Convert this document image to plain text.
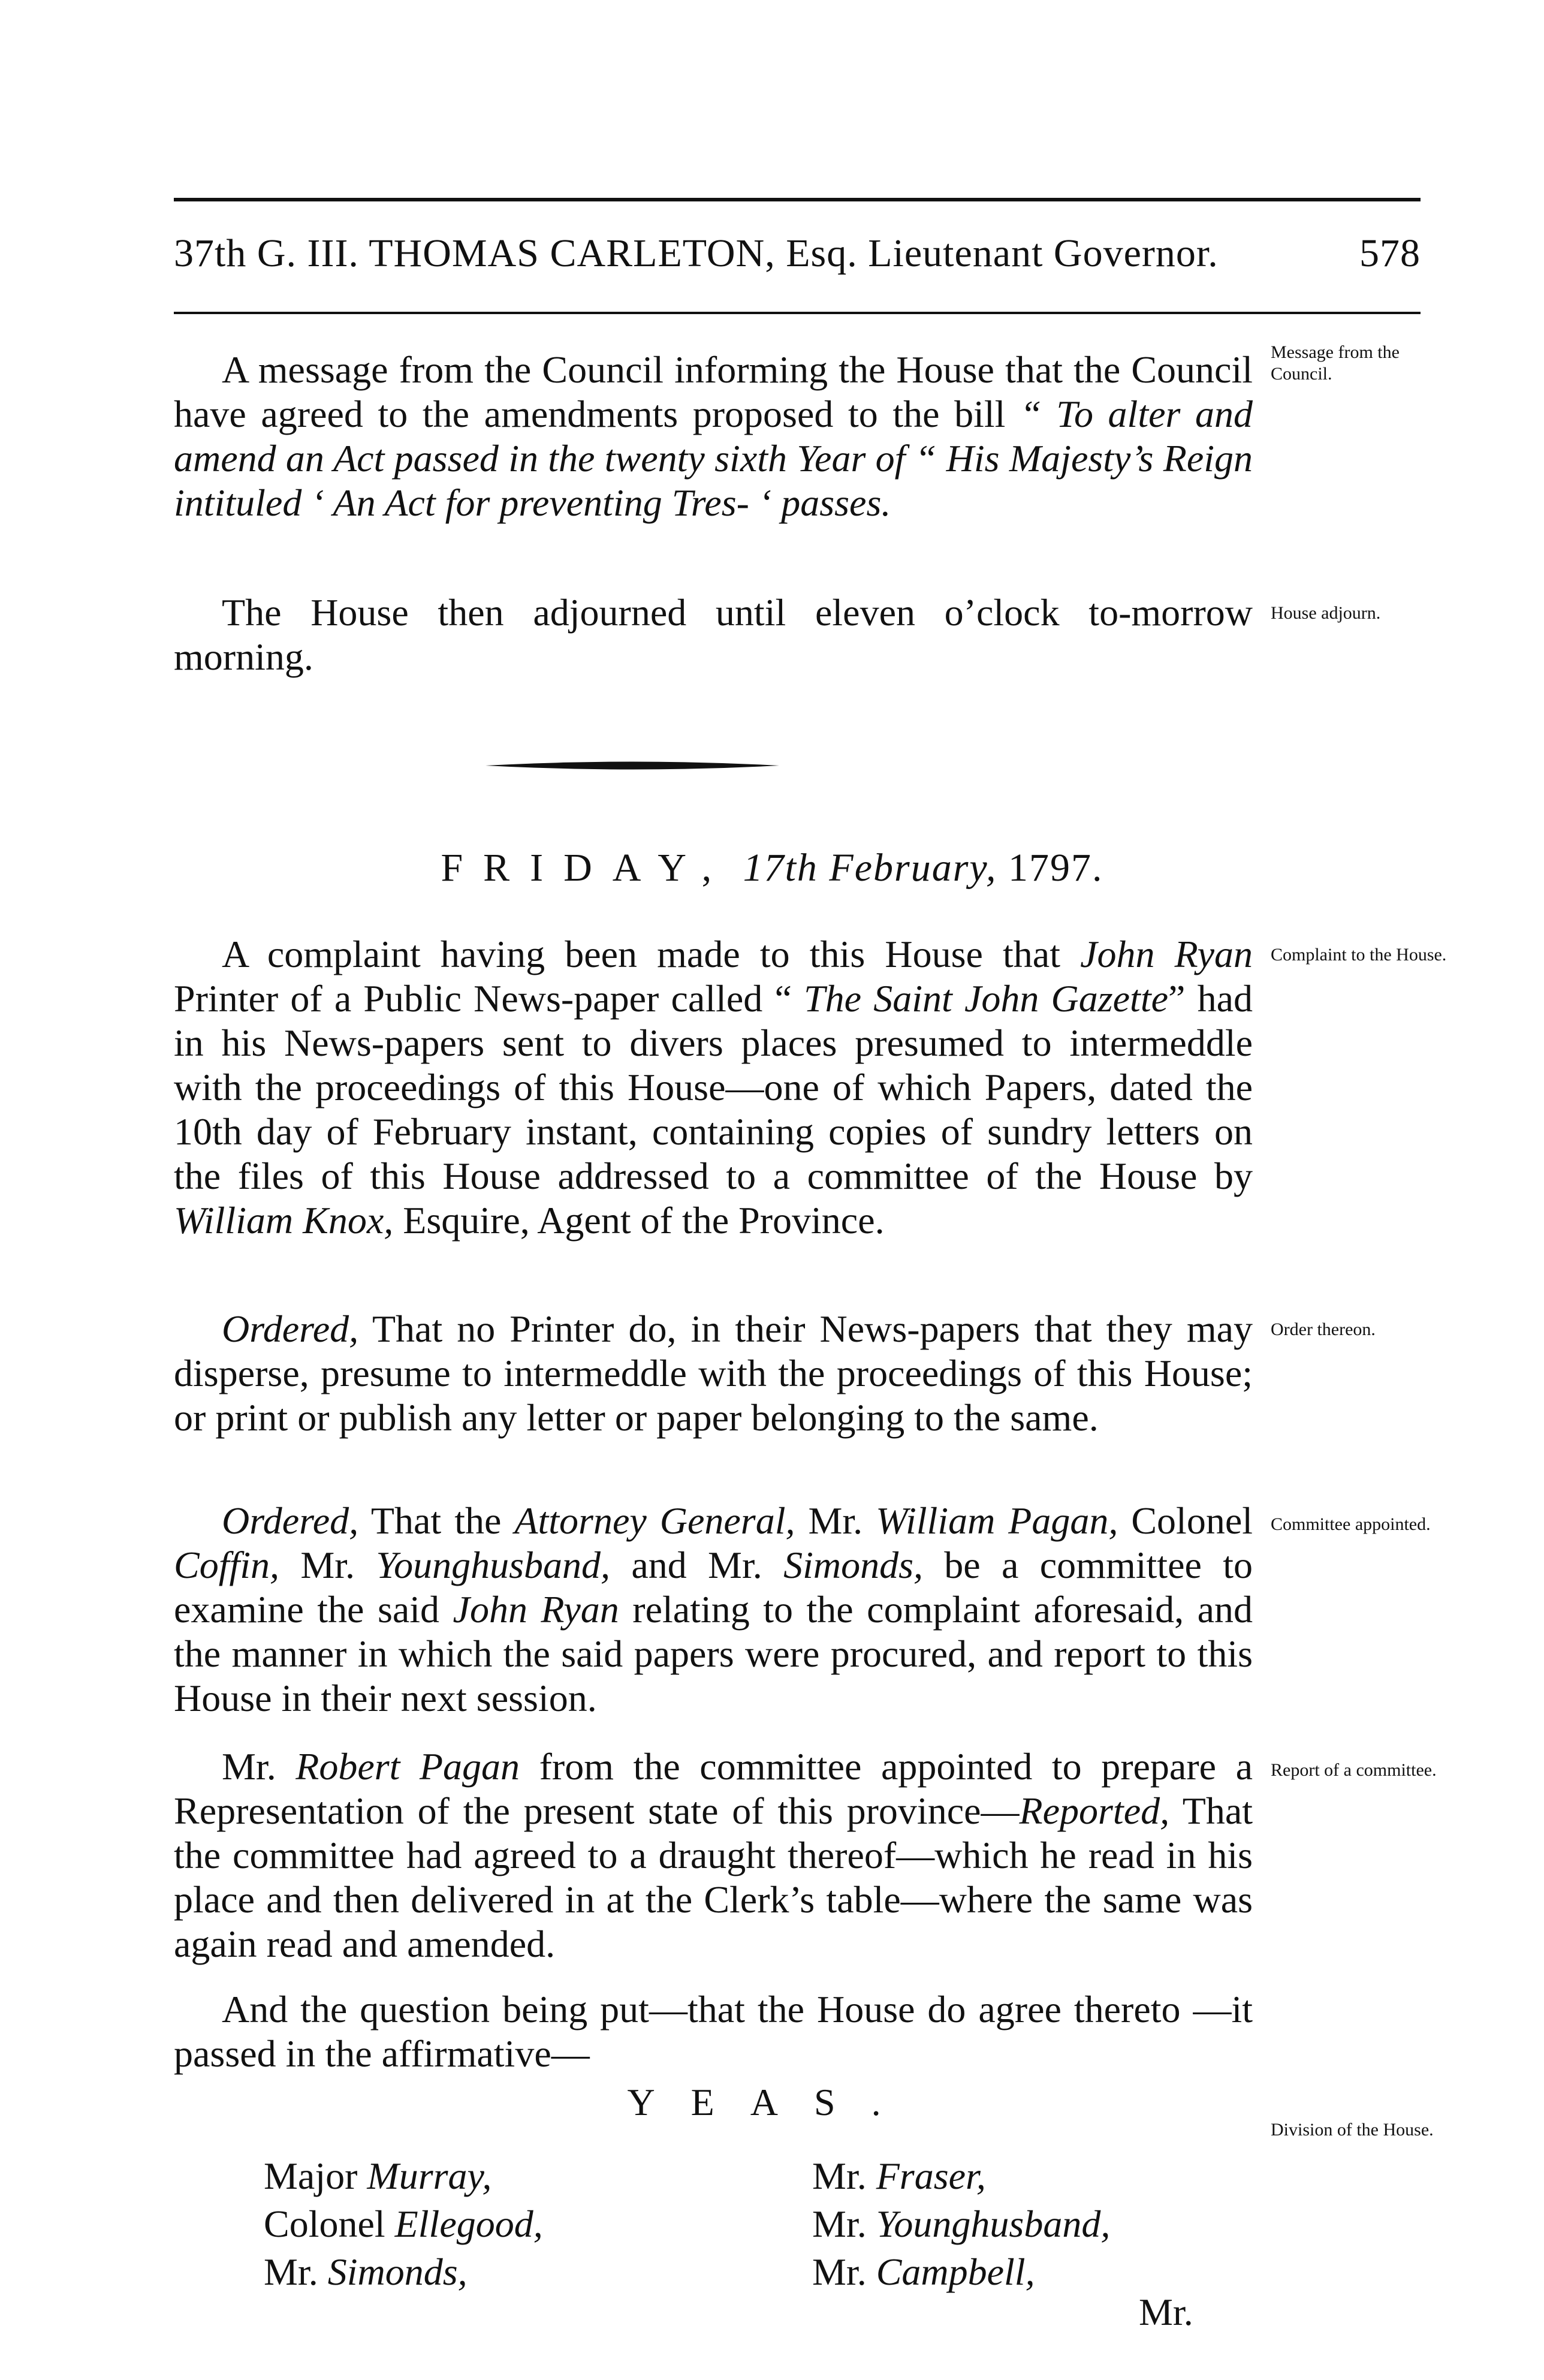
37th G. III. THOMAS CARLETON, Esq. Lieutenant Governor.	578
A message from the Council informing the House that the Council have agreed to the amendments proposed to the bill “ To alter and amend an Act passed in the twenty sixth Year of “ His Majesty’s Reign intituled ‘ An Act for preventing Tres- ‘ passes.
Message from the Council.
The House then adjourned until eleven o’clock to-morrow morning.
House adjourn.
FRIDAY, 17th February, 1797.
A complaint having been made to this House that John Ryan Printer of a Public News-paper called “ The Saint John Gazette” had in his News-papers sent to divers places presumed to intermeddle with the proceedings of this House—one of which Papers, dated the 10th day of February instant, containing copies of sundry letters on the files of this House addressed to a committee of the House by William Knox, Esquire, Agent of the Province.
Complaint to the House.
Ordered, That no Printer do, in their News-papers that they may disperse, presume to intermeddle with the proceedings of this House; or print or publish any letter or paper belonging to the same.
Order thereon.
Ordered, That the Attorney General, Mr. William Pagan, Colonel Coffin, Mr. Younghusband, and Mr. Simonds, be a committee to examine the said John Ryan relating to the complaint aforesaid, and the manner in which the said papers were procured, and report to this House in their next session.
Committee appointed.
Mr. Robert Pagan from the committee appointed to prepare a Representation of the present state of this province—Reported, That the committee had agreed to a draught thereof—which he read in his place and then delivered in at the Clerk’s table—where the same was again read and amended.
Report of a committee.
And the question being put—that the House do agree thereto —it passed in the affirmative—
YEAS.
Division of the House.
Major Murray,
Colonel Ellegood,
Mr. Simonds,
Mr. Fraser,
Mr. Younghusband,
Mr. Campbell,
Mr.
